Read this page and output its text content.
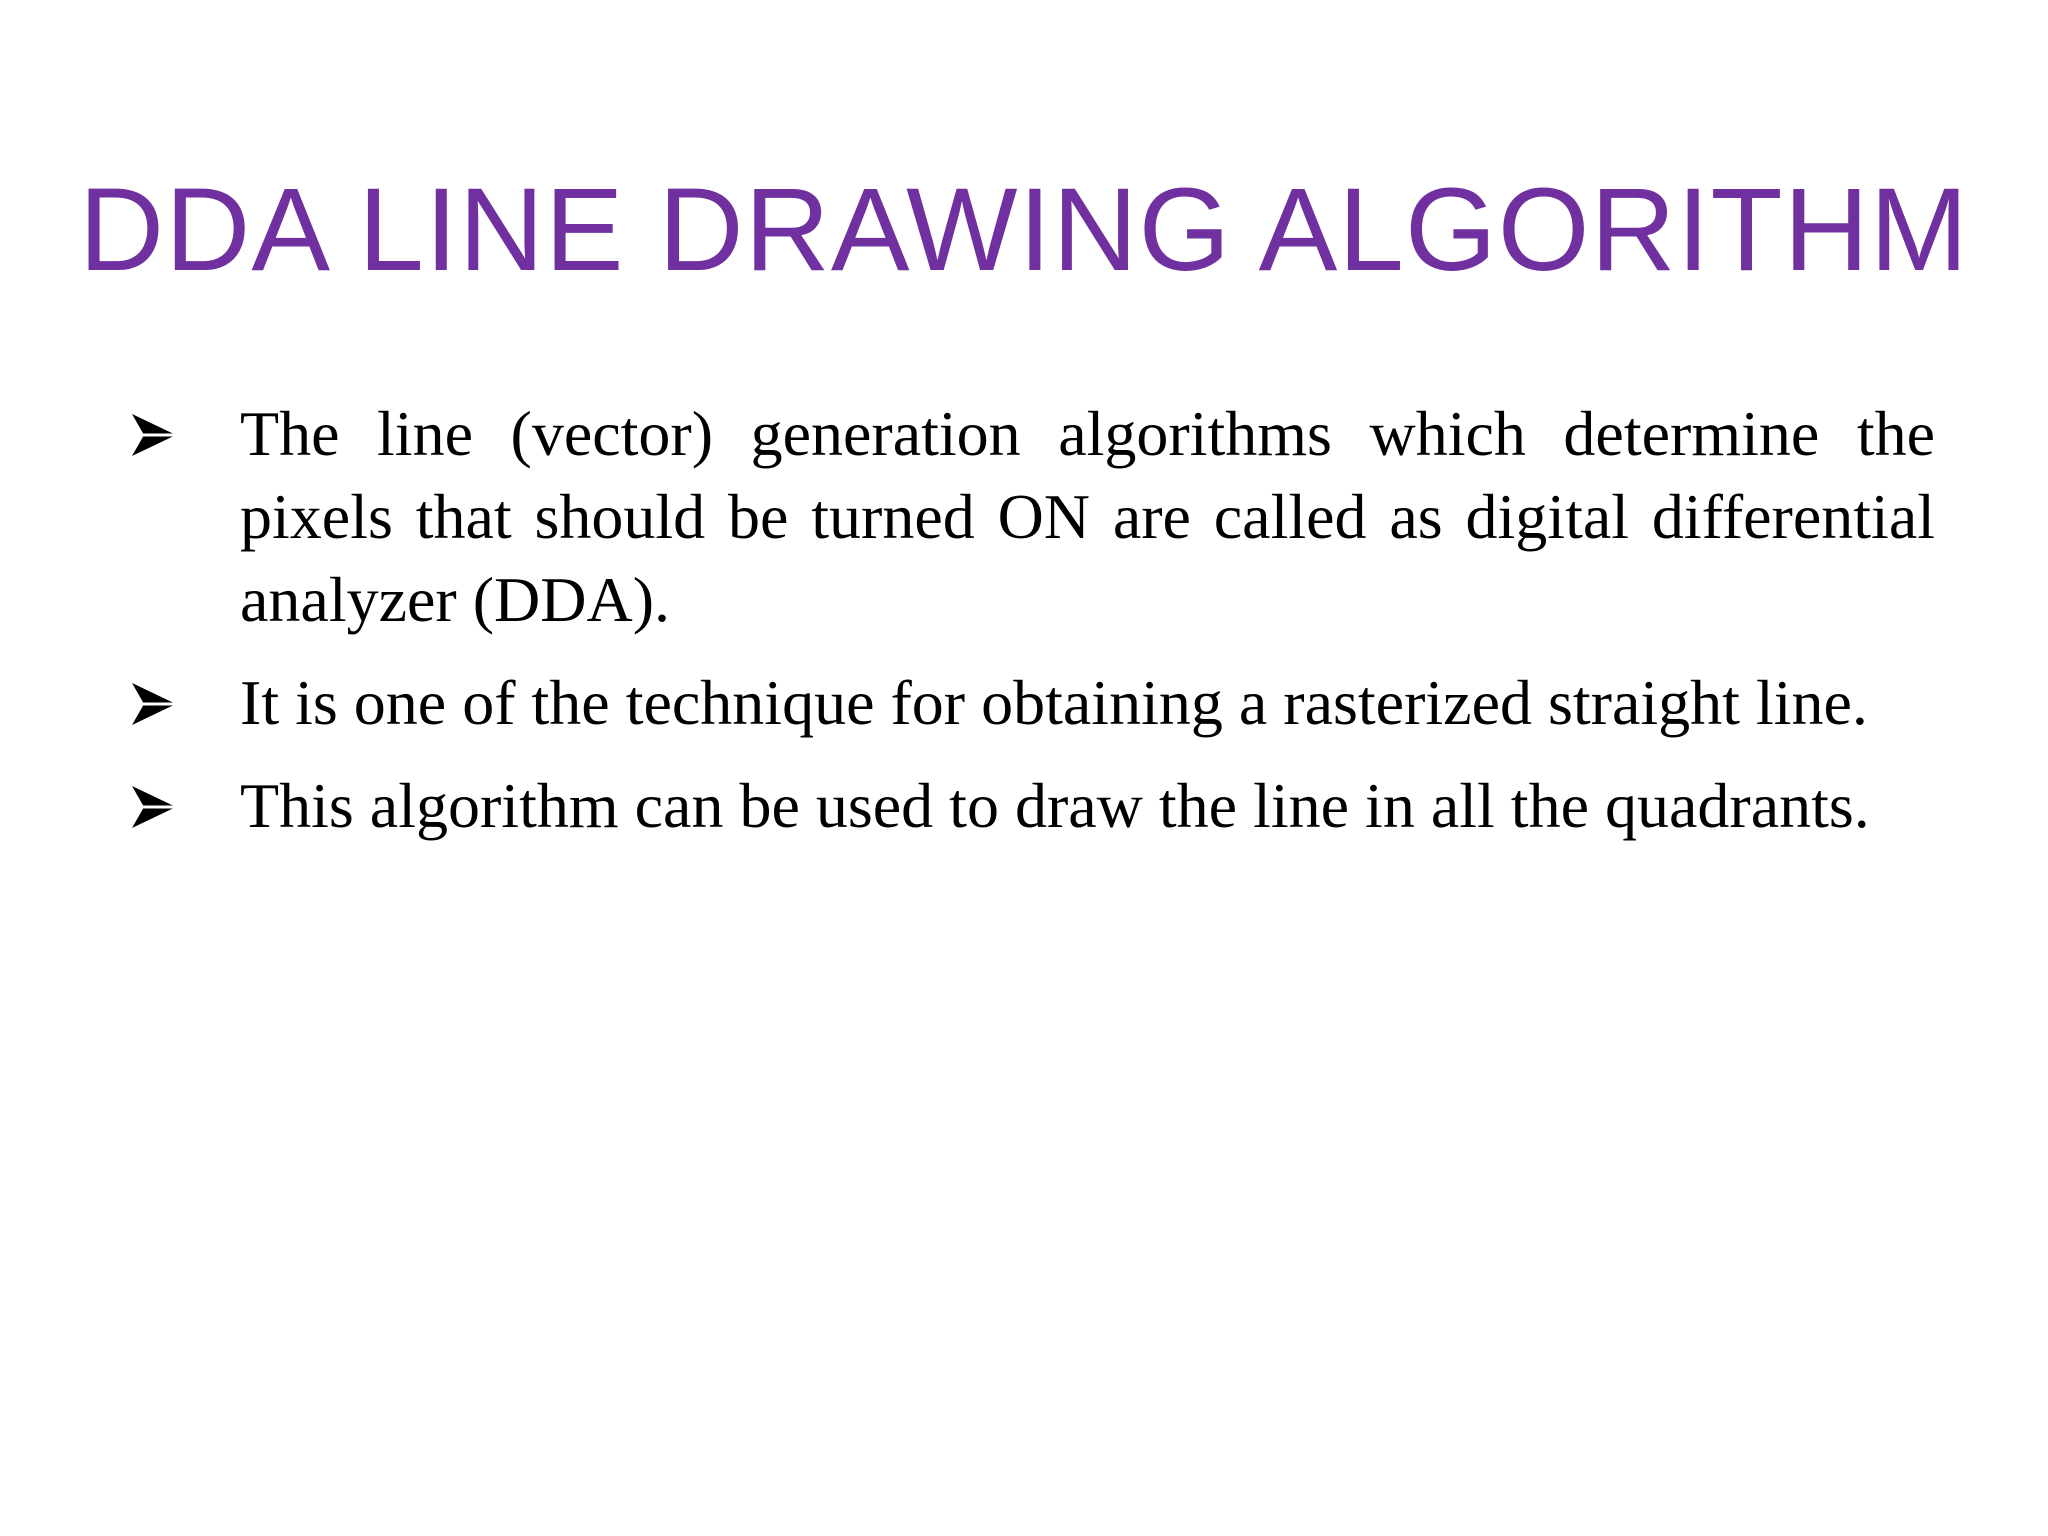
DDA LINE DRAWING ALGORITHM
The line (vector) generation algorithms which determine the pixels that should be turned ON are called as digital differential analyzer (DDA).
It is one of the technique for obtaining a rasterized straight line.
This algorithm can be used to draw the line in all the quadrants.
